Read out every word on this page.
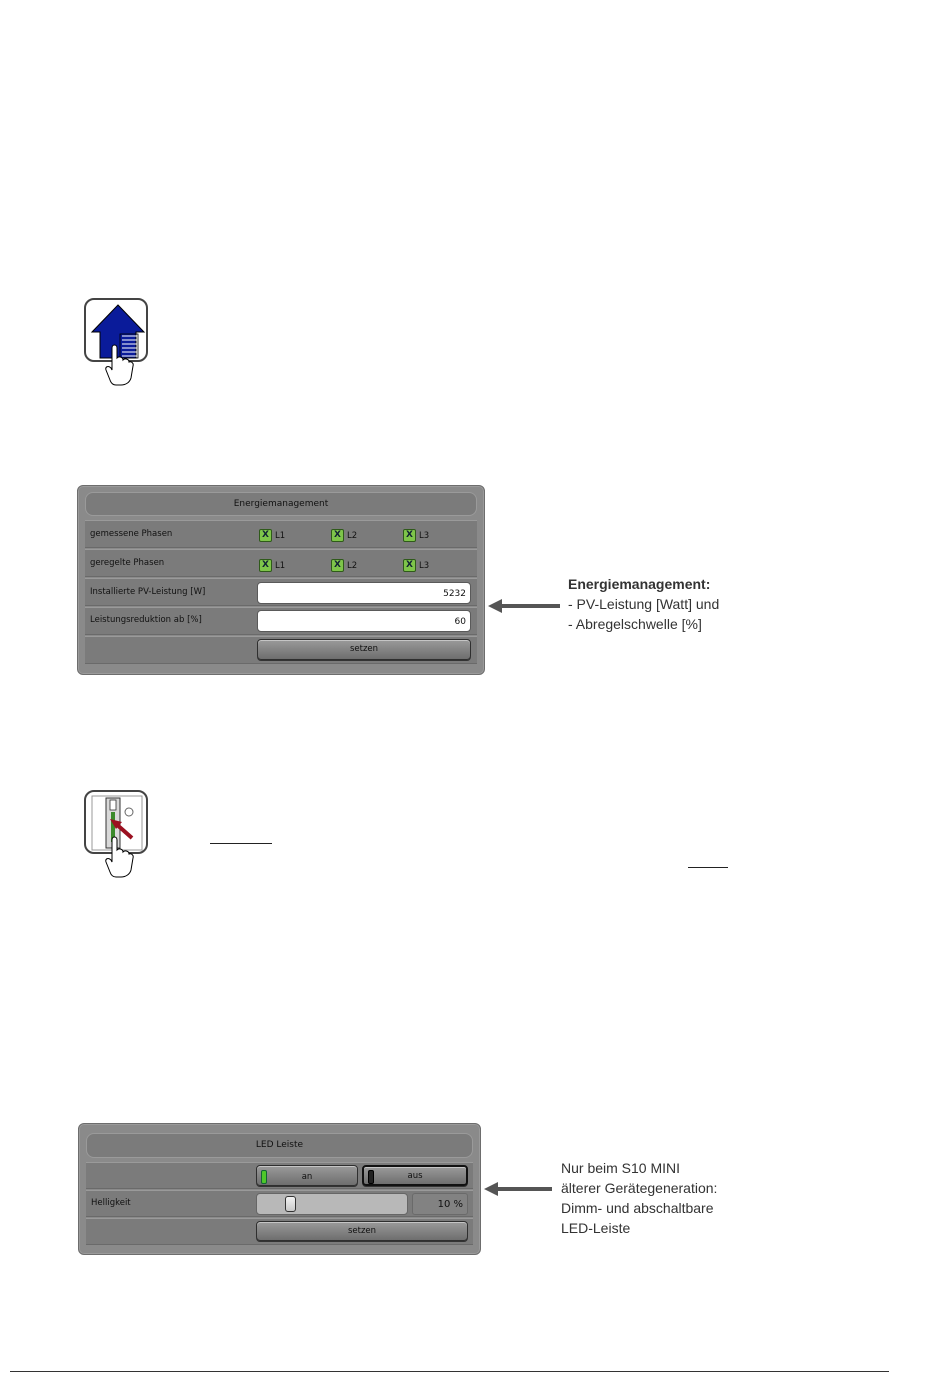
Energiemanagement
gemessene Phasen	X L1	X L2	X L3
geregelte Phasen	X L1	X L2	X L3
Installierte PV-Leistung [W]	5232
Leistungsreduktion ab [%]	60
setzen
Energiemanagement:
- PV-Leistung [Watt] und
- Abregelschwelle [%]
LED Leiste
an	aus
Helligkeit	10 %
setzen
Nur beim S10 MINI
älterer Gerätegeneration:
Dimm- und abschaltbare
LED-Leiste
